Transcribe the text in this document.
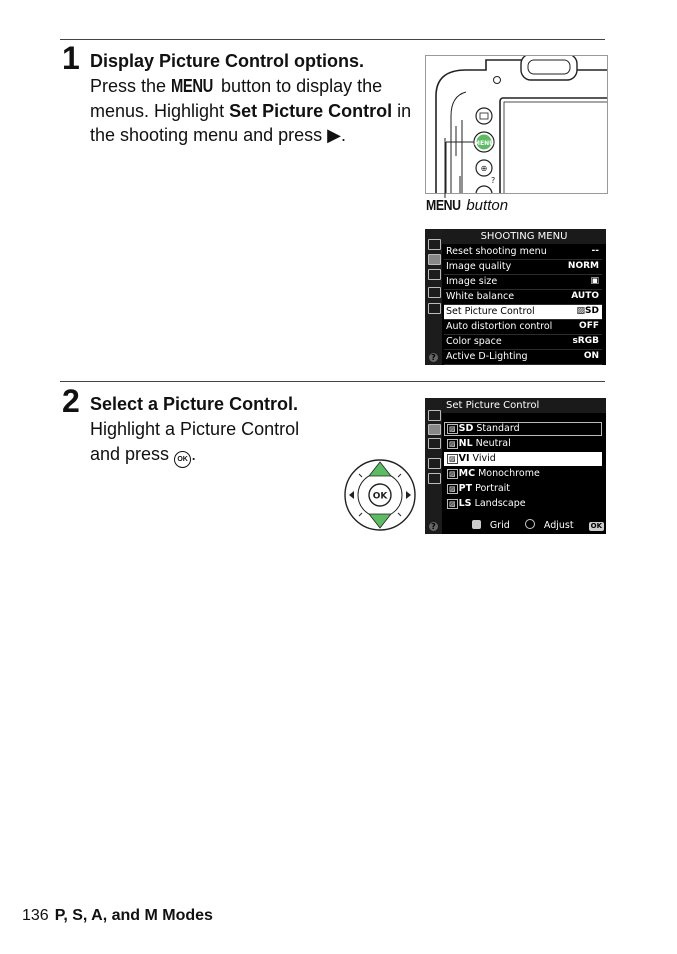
1 Display Picture Control options.
Press the MENU button to display the menus. Highlight Set Picture Control in the shooting menu and press ▶.	MENU
⊕
?
MENU button
?
SHOOTING MENU
Reset shooting menu	--
Image quality	NORM
Image size	▣
White balance	AUTO
Set Picture Control	▨SD
Auto distortion control	OFF
Color space	sRGB
Active D-Lighting	ON
2 Select a Picture Control.
Highlight a Picture Control and press OK .
OK
?
Set Picture Control
▨ SD Standard
▨ NL Neutral
▨ VI Vivid
▨ MC Monochrome
▨ PT Portrait
▨ LS Landscape
Grid	Adjust OK OK
136 P, S, A, and M Modes
